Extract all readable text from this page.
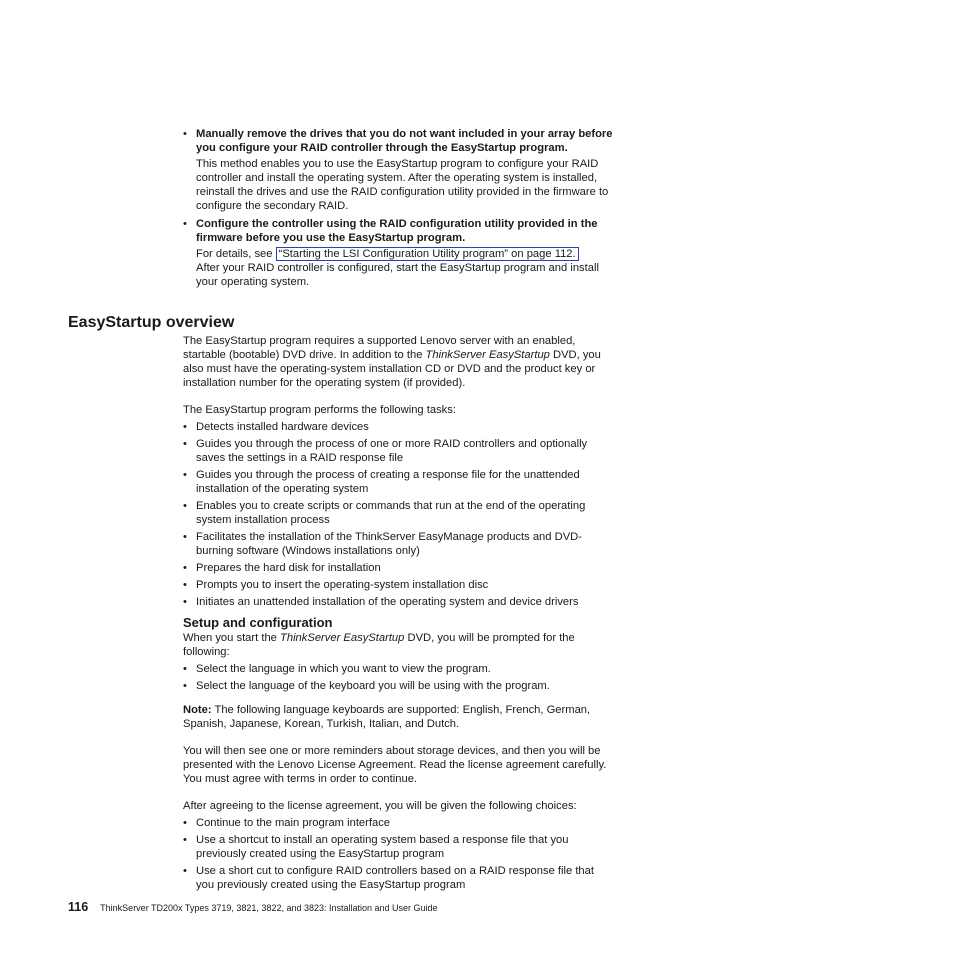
• Manually remove the drives that you do not want included in your array before you configure your RAID controller through the EasyStartup program.

This method enables you to use the EasyStartup program to configure your RAID controller and install the operating system. After the operating system is installed, reinstall the drives and use the RAID configuration utility provided in the firmware to configure the secondary RAID.

• Configure the controller using the RAID configuration utility provided in the firmware before you use the EasyStartup program.

For details, see “Starting the LSI Configuration Utility program” on page 112.
After your RAID controller is configured, start the EasyStartup program and install your operating system.

EasyStartup overview

The EasyStartup program requires a supported Lenovo server with an enabled, startable (bootable) DVD drive. In addition to the ThinkServer EasyStartup DVD, you also must have the operating-system installation CD or DVD and the product key or installation number for the operating system (if provided).

The EasyStartup program performs the following tasks:

• Detects installed hardware devices
• Guides you through the process of one or more RAID controllers and optionally saves the settings in a RAID response file
• Guides you through the process of creating a response file for the unattended installation of the operating system
• Enables you to create scripts or commands that run at the end of the operating system installation process
• Facilitates the installation of the ThinkServer EasyManage products and DVD-burning software (Windows installations only)
• Prepares the hard disk for installation
• Prompts you to insert the operating-system installation disc
• Initiates an unattended installation of the operating system and device drivers
Setup and configuration

When you start the ThinkServer EasyStartup DVD, you will be prompted for the following:

• Select the language in which you want to view the program.
• Select the language of the keyboard you will be using with the program.

Note: The following language keyboards are supported: English, French, German, Spanish, Japanese, Korean, Turkish, Italian, and Dutch.

You will then see one or more reminders about storage devices, and then you will be presented with the Lenovo License Agreement. Read the license agreement carefully. You must agree with terms in order to continue.

After agreeing to the license agreement, you will be given the following choices:

• Continue to the main program interface
• Use a shortcut to install an operating system based a response file that you previously created using the EasyStartup program
• Use a short cut to configure RAID controllers based on a RAID response file that you previously created using the EasyStartup program
116 ThinkServer TD200x Types 3719, 3821, 3822, and 3823: Installation and User Guide
